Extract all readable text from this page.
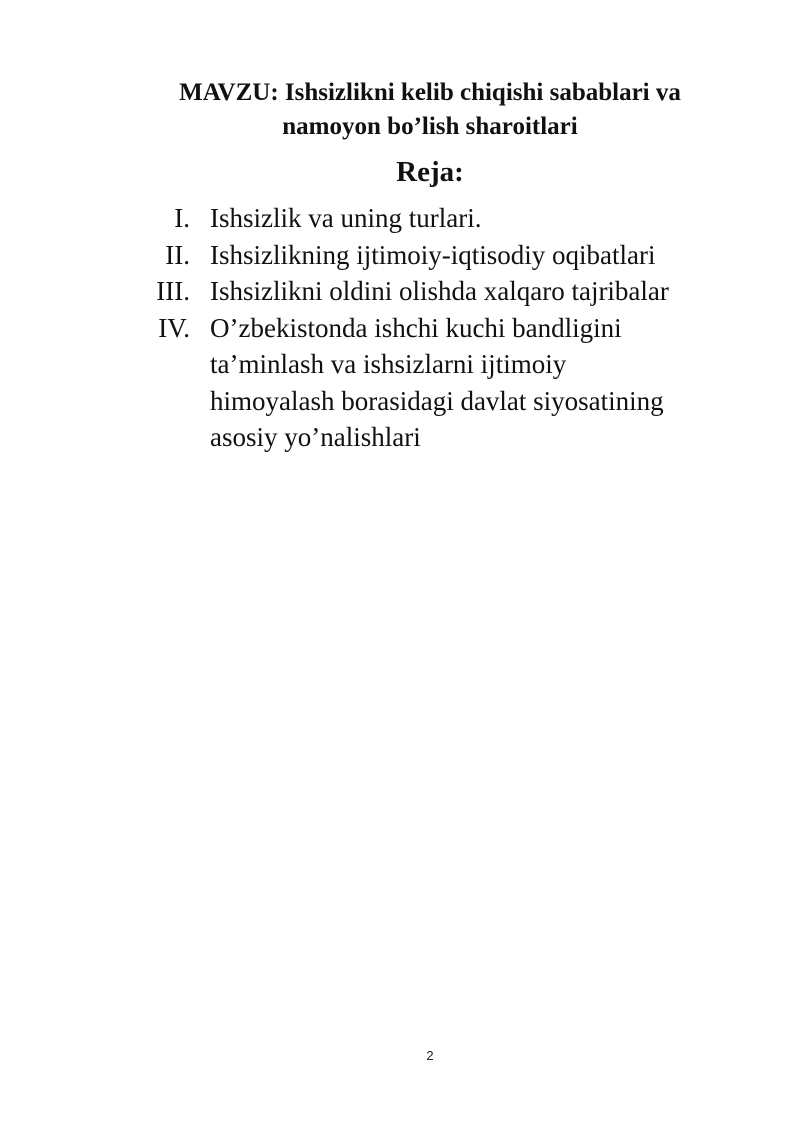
MAVZU: Ishsizlikni kelib chiqishi sabablari va
namoyon bo’lish sharoitlari
Reja:
I. Ishsizlik va uning turlari.
II. Ishsizlikning ijtimoiy-iqtisodiy oqibatlari
III. Ishsizlikni oldini olishda xalqaro tajribalar
IV. O’zbekistonda ishchi kuchi bandligini
ta’minlash va ishsizlarni ijtimoiy
himoyalash borasidagi davlat siyosatining
asosiy yo’nalishlari
2
